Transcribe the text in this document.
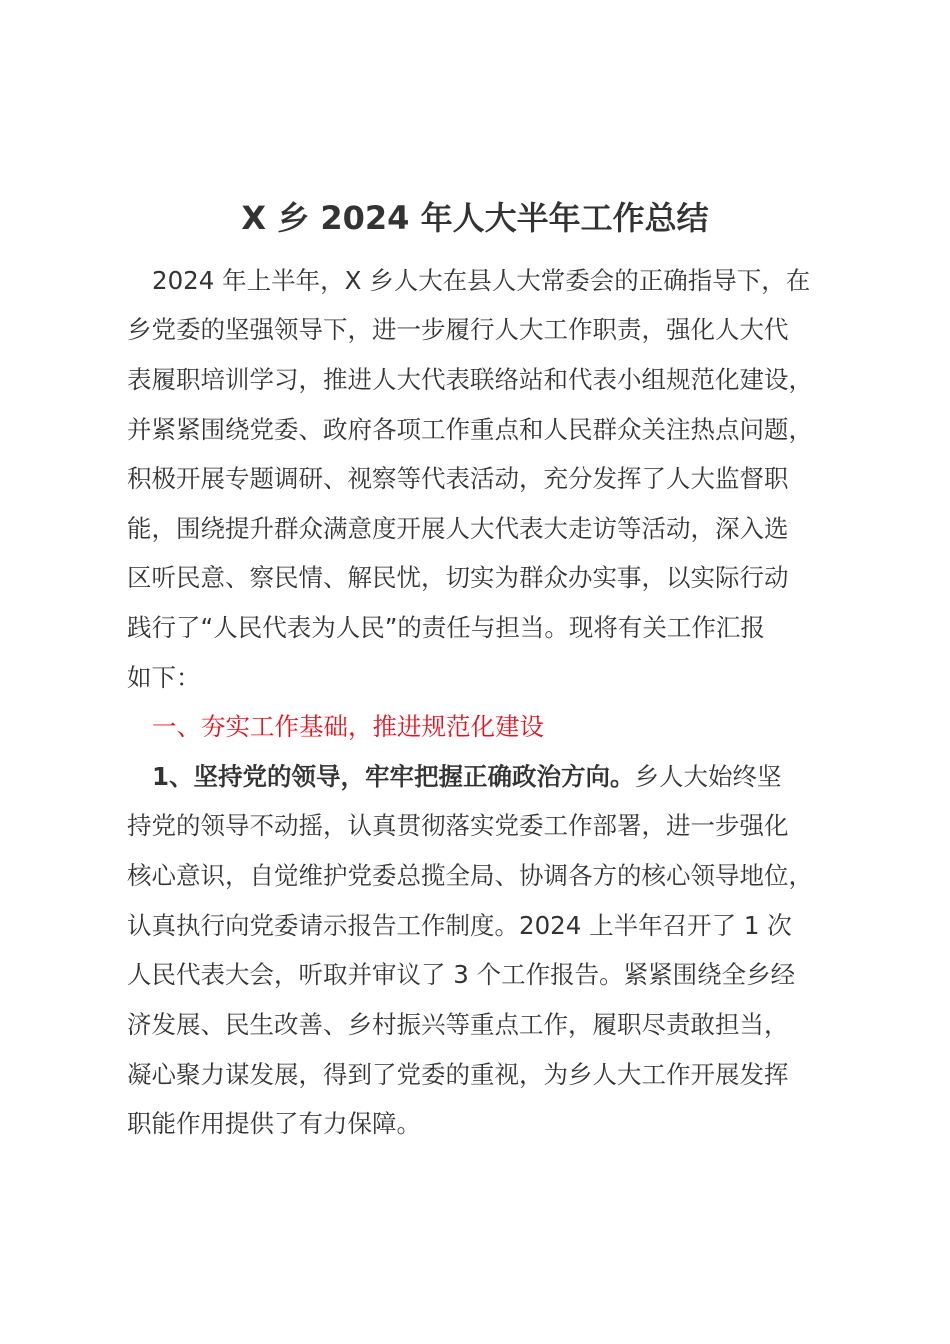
X 乡 2024 年人大半年工作总结
2024 年上半年，X 乡人大在县人大常委会的正确指导下，在
乡党委的坚强领导下，进一步履行人大工作职责，强化人大代
表履职培训学习，推进人大代表联络站和代表小组规范化建设，
并紧紧围绕党委、政府各项工作重点和人民群众关注热点问题，
积极开展专题调研、视察等代表活动，充分发挥了人大监督职
能，围绕提升群众满意度开展人大代表大走访等活动，深入选
区听民意、察民情、解民忧，切实为群众办实事，以实际行动
践行了“人民代表为人民”的责任与担当。现将有关工作汇报
如下：
一、夯实工作基础，推进规范化建设
1、坚持党的领导，牢牢把握正确政治方向。乡人大始终坚
持党的领导不动摇，认真贯彻落实党委工作部署，进一步强化
核心意识，自觉维护党委总揽全局、协调各方的核心领导地位，
认真执行向党委请示报告工作制度。2024 上半年召开了 1 次
人民代表大会，听取并审议了 3 个工作报告。紧紧围绕全乡经
济发展、民生改善、乡村振兴等重点工作，履职尽责敢担当，
凝心聚力谋发展，得到了党委的重视，为乡人大工作开展发挥
职能作用提供了有力保障。
